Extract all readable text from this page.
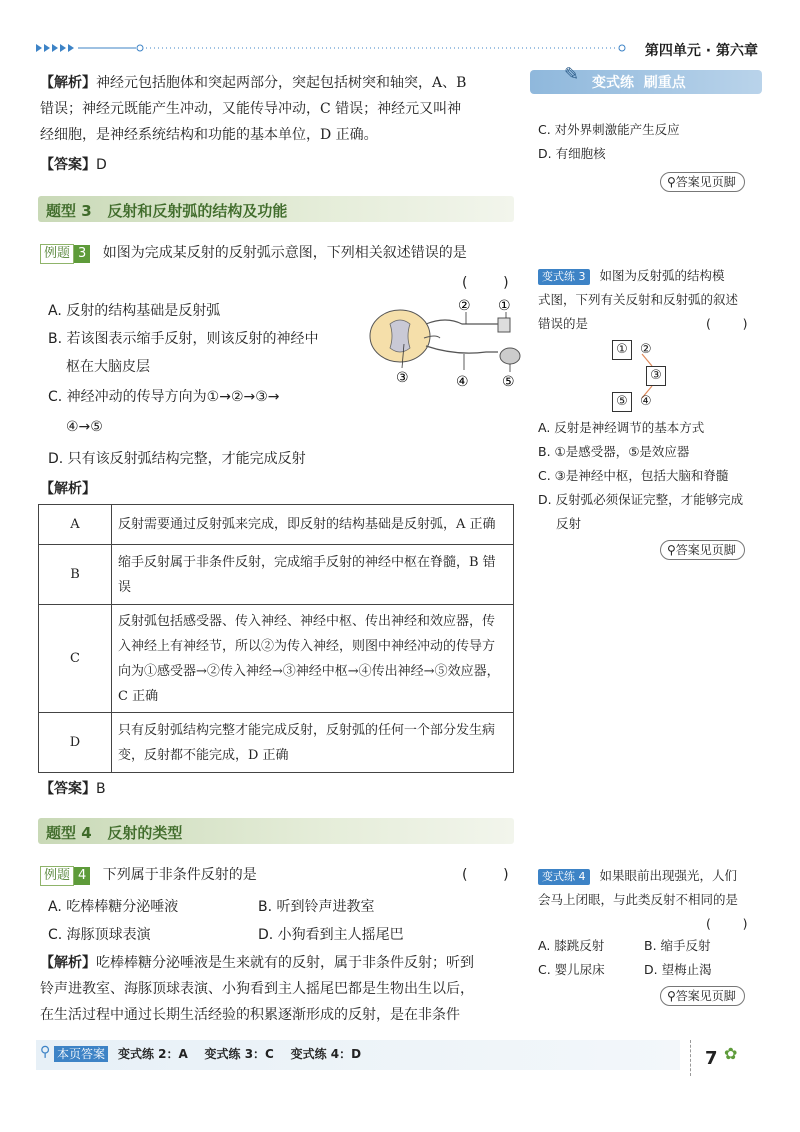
第四单元 · 第六章
【解析】神经元包括胞体和突起两部分，突起包括树突和轴突，A、B
错误；神经元既能产生冲动，又能传导冲动，C 错误；神经元又叫神
经细胞，是神经系统结构和功能的基本单位，D 正确。
【答案】D
✎ 变式练  刷重点
C. 对外界刺激能产生反应
D. 有细胞核
⚲答案见页脚
题型 3   反射和反射弧的结构及功能
例题 3 如图为完成某反射的反射弧示意图，下列相关叙述错误的是
(        )
A. 反射的结构基础是反射弧
B. 若该图表示缩手反射，则该反射的神经中
枢在大脑皮层
C. 神经冲动的传导方向为①→②→③→
④→⑤
D. 只有该反射弧结构完整，才能完成反射
② ①
③	④ ⑤
【解析】
A	反射需要通过反射弧来完成，即反射的结构基础是反射弧，A 正确
B	缩手反射属于非条件反射，完成缩手反射的神经中枢在脊髓，B 错误
C	反射弧包括感受器、传入神经、神经中枢、传出神经和效应器，传入神经上有神经节，所以②为传入神经，则图中神经冲动的传导方向为①感受器→②传入神经→③神经中枢→④传出神经→⑤效应器，C 正确
D	只有反射弧结构完整才能完成反射，反射弧的任何一个部分发生病变，反射都不能完成，D 正确
【答案】B
变式练 3 如图为反射弧的结构模
式图，下列有关反射和反射弧的叙述
错误的是	(        )
① ②
③
⑤ ④
A. 反射是神经调节的基本方式
B. ①是感受器，⑤是效应器
C. ③是神经中枢，包括大脑和脊髓
D. 反射弧必须保证完整，才能够完成
反射
⚲答案见页脚
题型 4   反射的类型
例题 4 下列属于非条件反射的是	(        )
A. 吃棒棒糖分泌唾液	B. 听到铃声进教室
C. 海豚顶球表演	D. 小狗看到主人摇尾巴
【解析】吃棒棒糖分泌唾液是生来就有的反射，属于非条件反射；听到
铃声进教室、海豚顶球表演、小狗看到主人摇尾巴都是生物出生以后，
在生活过程中通过长期生活经验的积累逐渐形成的反射，是在非条件
变式练 4 如果眼前出现强光，人们
会马上闭眼，与此类反射不相同的是
(        )
A. 膝跳反射	B. 缩手反射
C. 婴儿尿床	D. 望梅止渴
⚲答案见页脚
⚲ 本页答案 变式练 2：A    变式练 3：C    变式练 4：D	7 ✿
